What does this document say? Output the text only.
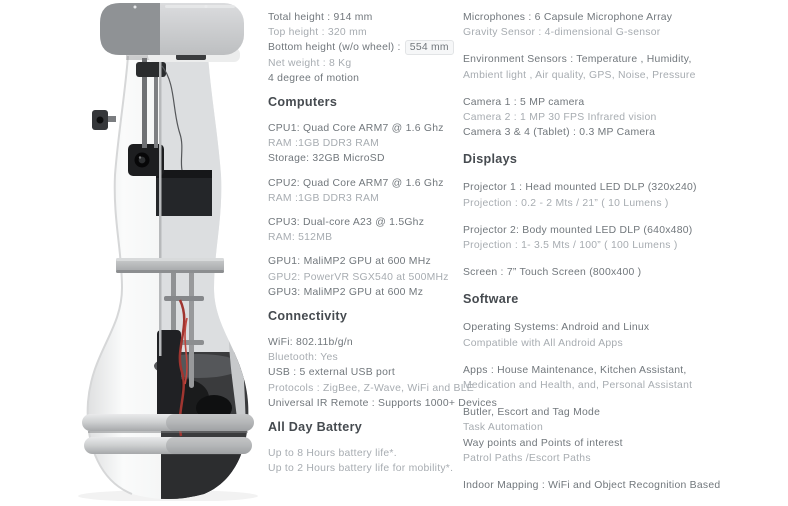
Total height : 914 mm
Top height : 320 mm
Bottom height (w/o wheel) : 554 mm
Net weight : 8 Kg
4 degree of motion
Computers
CPU1: Quad Core ARM7 @ 1.6 Ghz
RAM :1GB DDR3 RAM
Storage: 32GB MicroSD
CPU2: Quad Core ARM7 @ 1.6 Ghz
RAM :1GB DDR3 RAM
CPU3: Dual-core A23 @ 1.5Ghz
RAM: 512MB
GPU1: MaliMP2 GPU at 600 MHz
GPU2: PowerVR SGX540 at 500MHz
GPU3: MaliMP2 GPU at 600 Mz
Connectivity
WiFi: 802.11b/g/n
Bluetooth: Yes
USB : 5 external USB port
Protocols : ZigBee, Z-Wave, WiFi and BLE
Universal IR Remote : Supports 1000+ Devices
All Day Battery
Up to 8 Hours battery life*.
Up to 2 Hours battery life for mobility*.
Microphones : 6 Capsule Microphone Array
Gravity Sensor : 4-dimensional G-sensor
Environment Sensors : Temperature , Humidity,
Ambient light , Air quality, GPS, Noise, Pressure
Camera 1 : 5 MP camera
Camera 2 : 1 MP 30 FPS Infrared vision
Camera 3 & 4 (Tablet) : 0.3 MP Camera
Displays
Projector 1 : Head mounted LED DLP (320x240)
Projection : 0.2 - 2 Mts / 21” ( 10 Lumens )
Projector 2: Body mounted LED DLP (640x480)
Projection : 1- 3.5 Mts / 100” ( 100 Lumens )
Screen : 7” Touch Screen (800x400 )
Software
Operating Systems: Android and Linux
Compatible with All Android Apps
Apps : House Maintenance, Kitchen Assistant,
Medication and Health, and, Personal Assistant
Butler, Escort and Tag Mode
Task Automation
Way points and Points of interest
Patrol Paths /Escort Paths
Indoor Mapping : WiFi and Object Recognition Based
